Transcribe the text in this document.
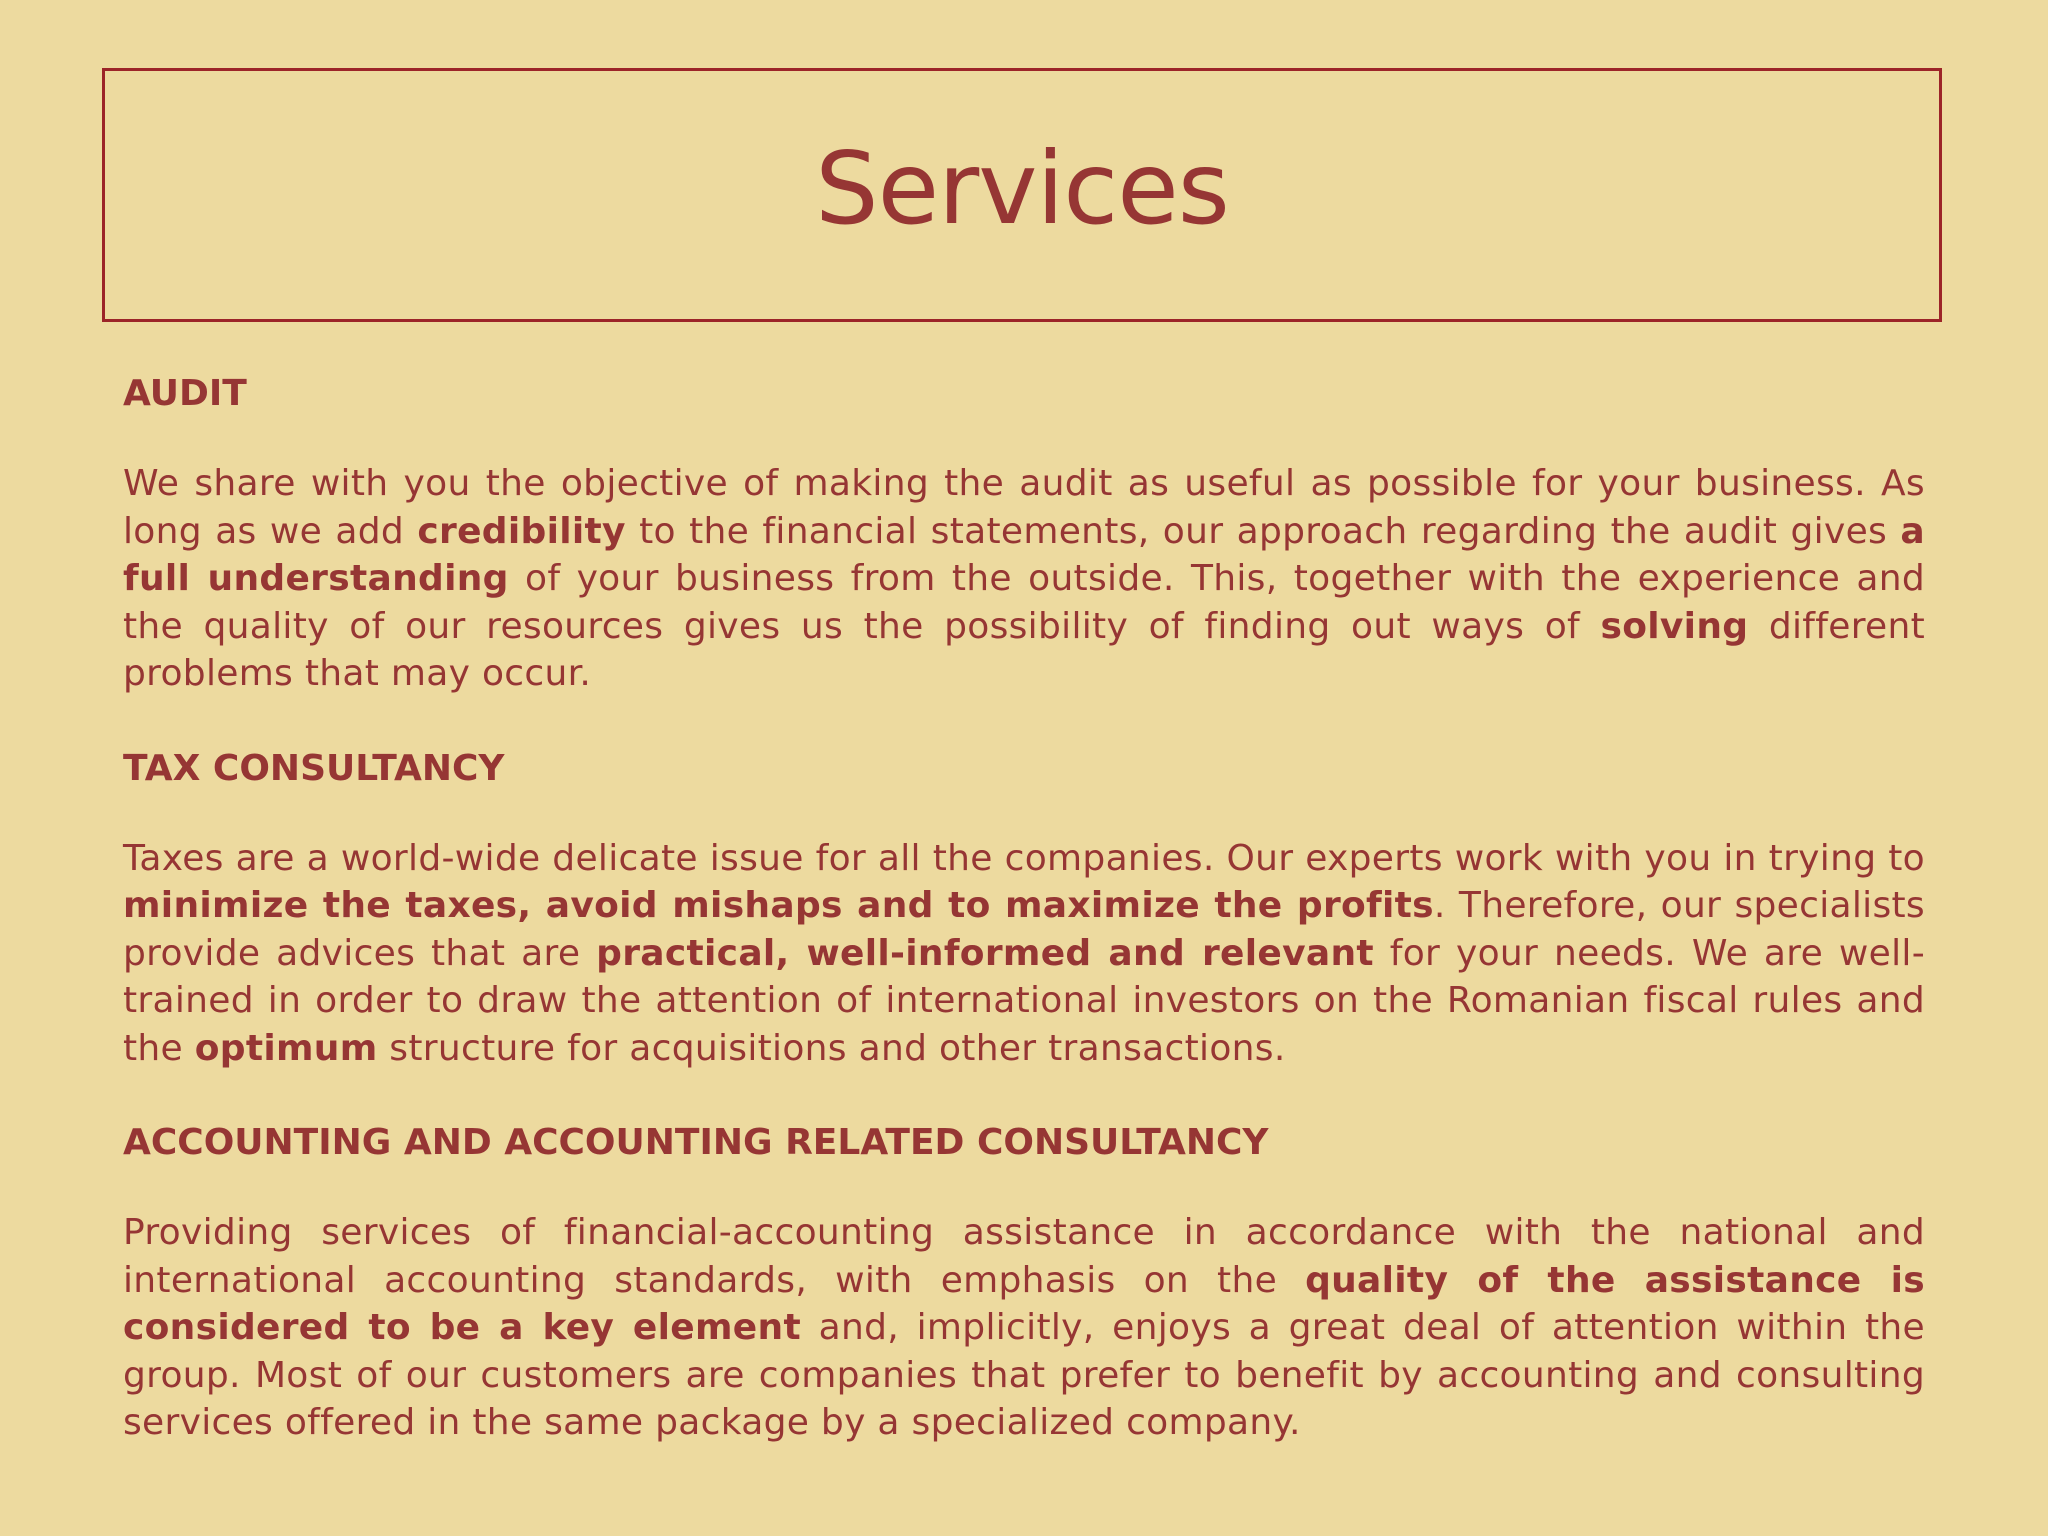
Services
AUDIT

We share with you the objective of making the audit as useful as possible for your business. As long as we add credibility to the financial statements, our approach regarding the audit gives a full understanding of your business from the outside. This, together with the experience and the quality of our resources gives us the possibility of finding out ways of solving different problems that may occur.

TAX CONSULTANCY

Taxes are a world-wide delicate issue for all the companies. Our experts work with you in trying to minimize the taxes, avoid mishaps and to maximize the profits. Therefore, our specialists provide advices that are practical, well-informed and relevant for your needs. We are well-trained in order to draw the attention of international investors on the Romanian fiscal rules and the optimum structure for acquisitions and other transactions.

ACCOUNTING AND ACCOUNTING RELATED CONSULTANCY

Providing services of financial-accounting assistance in accordance with the national and international accounting standards, with emphasis on the quality of the assistance is considered to be a key element and, implicitly, enjoys a great deal of attention within the group. Most of our customers are companies that prefer to benefit by accounting and consulting services offered in the same package by a specialized company.
